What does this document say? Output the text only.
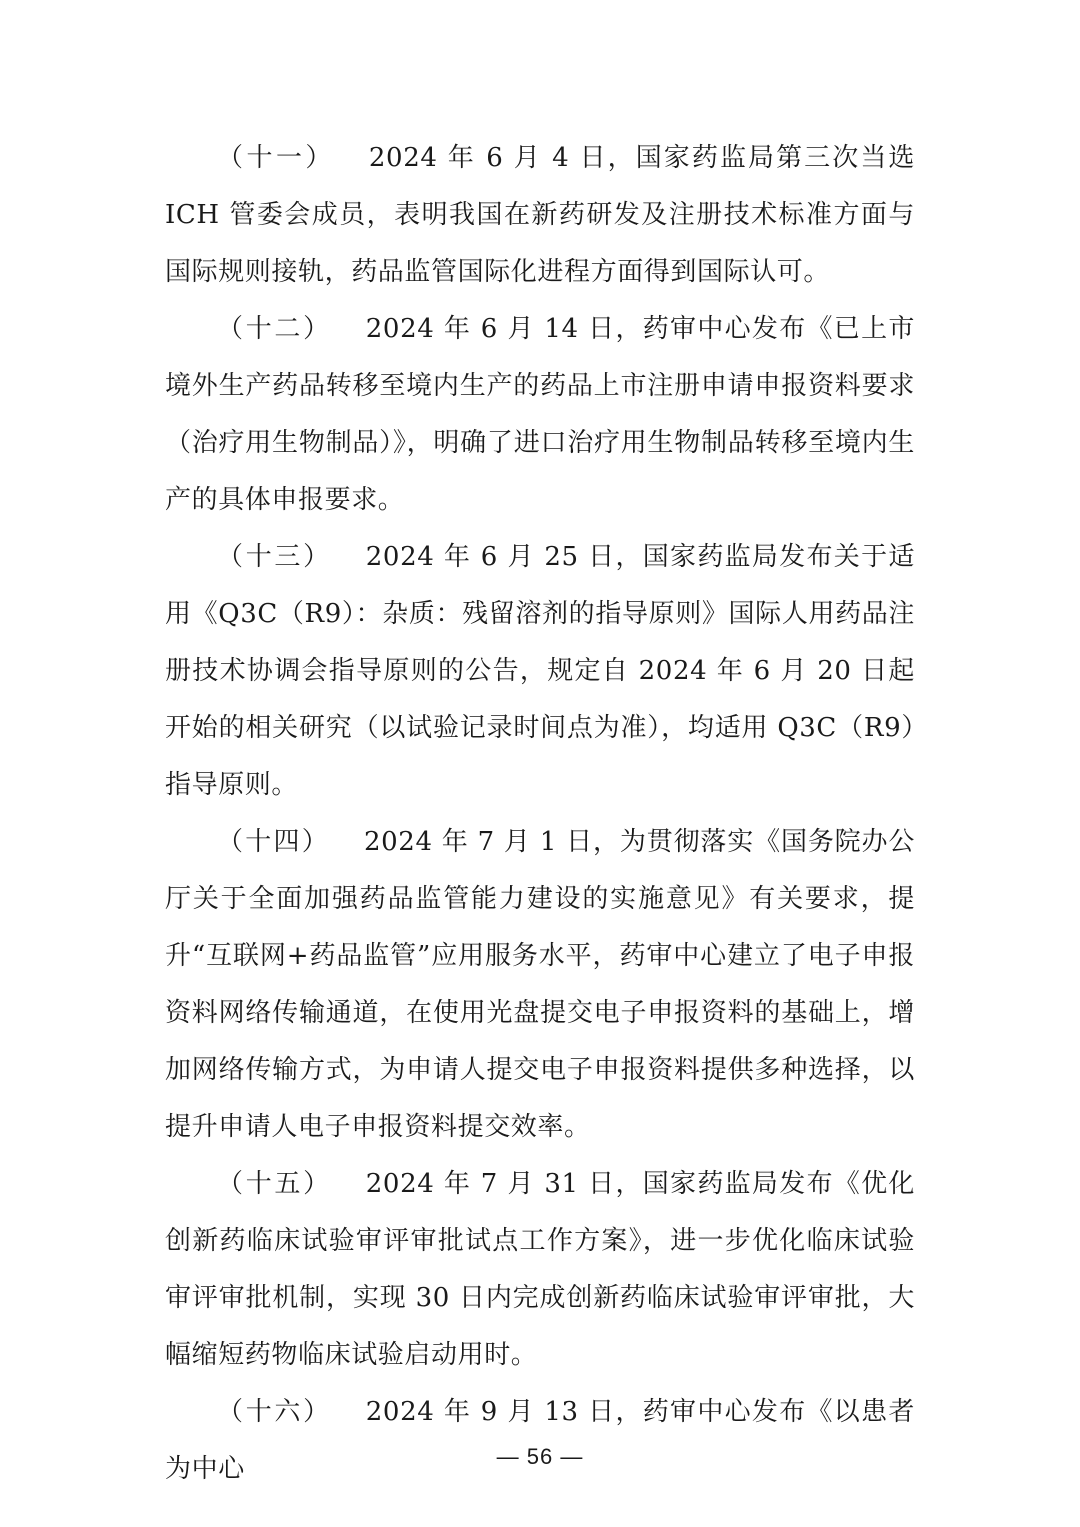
（十一） 2024 年 6 月 4 日，国家药监局第三次当选 ICH 管委会成员，表明我国在新药研发及注册技术标准方面与国际规则接轨，药品监管国际化进程方面得到国际认可。

（十二） 2024 年 6 月 14 日，药审中心发布《已上市境外生产药品转移至境内生产的药品上市注册申请申报资料要求（治疗用生物制品）》，明确了进口治疗用生物制品转移至境内生产的具体申报要求。

（十三） 2024 年 6 月 25 日，国家药监局发布关于适用《Q3C（R9）：杂质：残留溶剂的指导原则》国际人用药品注册技术协调会指导原则的公告，规定自 2024 年 6 月 20 日起开始的相关研究（以试验记录时间点为准），均适用 Q3C（R9）指导原则。

（十四） 2024 年 7 月 1 日，为贯彻落实《国务院办公厅关于全面加强药品监管能力建设的实施意见》有关要求，提升“互联网+药品监管”应用服务水平，药审中心建立了电子申报资料网络传输通道，在使用光盘提交电子申报资料的基础上，增加网络传输方式，为申请人提交电子申报资料提供多种选择，以提升申请人电子申报资料提交效率。

（十五） 2024 年 7 月 31 日，国家药监局发布《优化创新药临床试验审评审批试点工作方案》，进一步优化临床试验审评审批机制，实现 30 日内完成创新药临床试验审评审批，大幅缩短药物临床试验启动用时。

（十六） 2024 年 9 月 13 日，药审中心发布《以患者为中心	— 56 —
